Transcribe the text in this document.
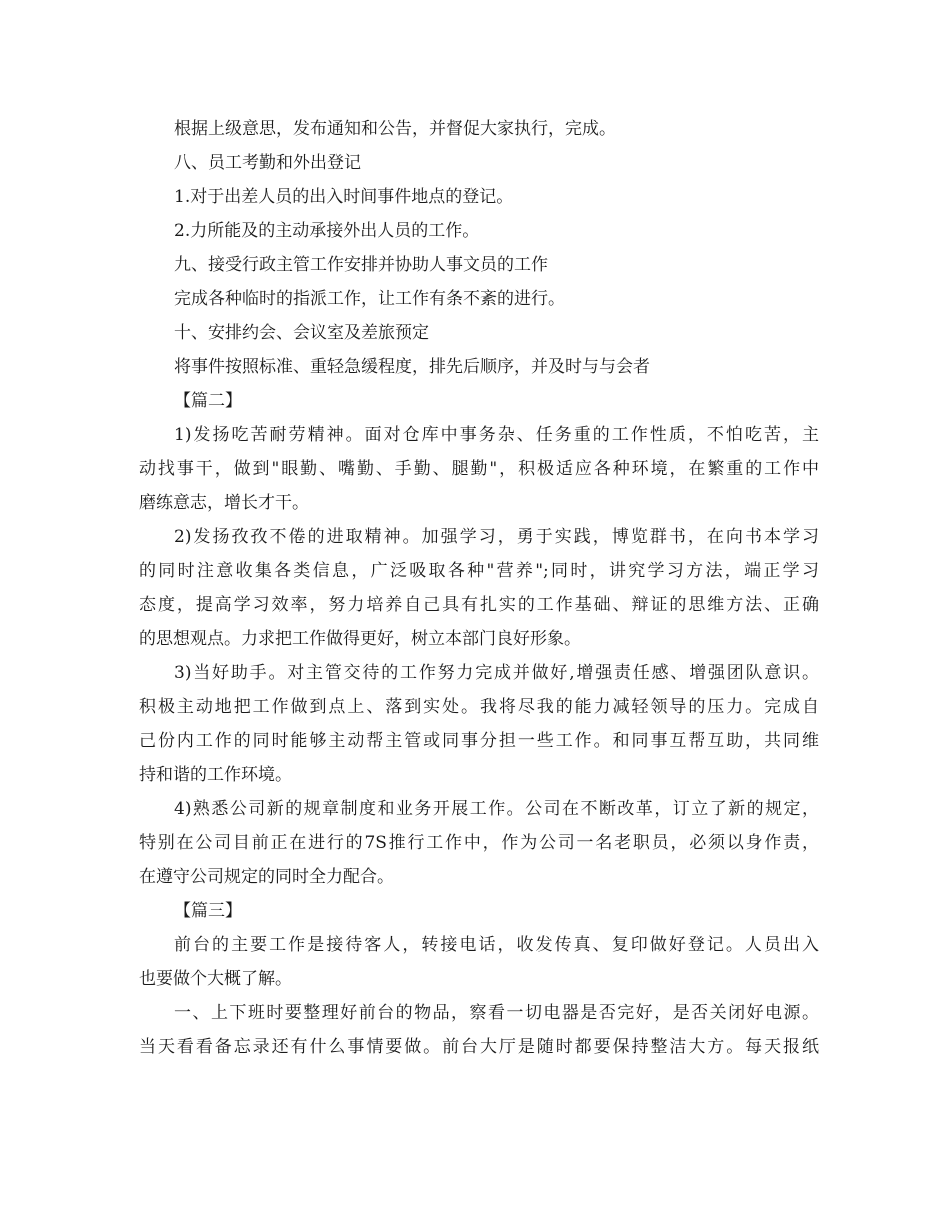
根据上级意思，发布通知和公告，并督促大家执行，完成。
八、员工考勤和外出登记
1.对于出差人员的出入时间事件地点的登记。
2.力所能及的主动承接外出人员的工作。
九、接受行政主管工作安排并协助人事文员的工作
完成各种临时的指派工作，让工作有条不紊的进行。
十、安排约会、会议室及差旅预定
将事件按照标准、重轻急缓程度，排先后顺序，并及时与与会者
【篇二】
1)发扬吃苦耐劳精神。面对仓库中事务杂、任务重的工作性质，不怕吃苦，主
动找事干，做到"眼勤、嘴勤、手勤、腿勤"，积极适应各种环境，在繁重的工作中
磨练意志，增长才干。
2)发扬孜孜不倦的进取精神。加强学习，勇于实践，博览群书，在向书本学习
的同时注意收集各类信息，广泛吸取各种"营养";同时，讲究学习方法，端正学习
态度，提高学习效率，努力培养自己具有扎实的工作基础、辩证的思维方法、正确
的思想观点。力求把工作做得更好，树立本部门良好形象。
3)当好助手。对主管交待的工作努力完成并做好,增强责任感、增强团队意识。
积极主动地把工作做到点上、落到实处。我将尽我的能力减轻领导的压力。完成自
己份内工作的同时能够主动帮主管或同事分担一些工作。和同事互帮互助，共同维
持和谐的工作环境。
4)熟悉公司新的规章制度和业务开展工作。公司在不断改革，订立了新的规定，
特别在公司目前正在进行的7S推行工作中，作为公司一名老职员，必须以身作责，
在遵守公司规定的同时全力配合。
【篇三】
前台的主要工作是接待客人，转接电话，收发传真、复印做好登记。人员出入
也要做个大概了解。
一、上下班时要整理好前台的物品，察看一切电器是否完好，是否关闭好电源。
当天看看备忘录还有什么事情要做。前台大厅是随时都要保持整洁大方。每天报纸
